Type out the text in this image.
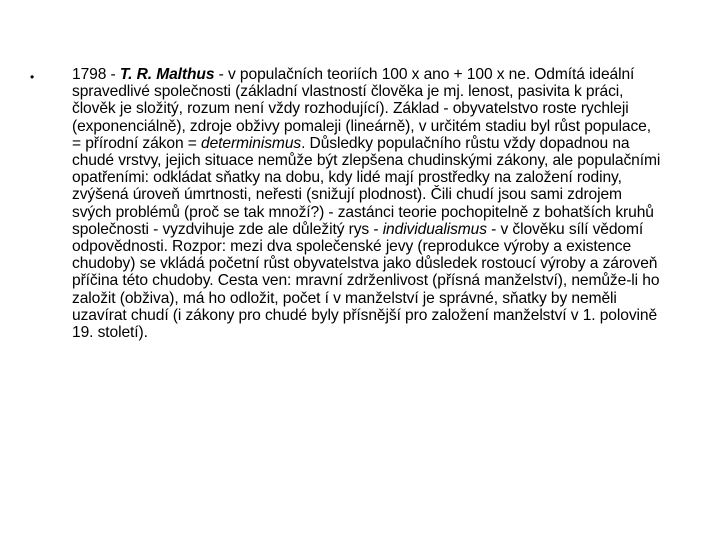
•	1798 - T. R. Malthus - v populačních teoriích 100 x ano + 100 x ne. Odmítá ideální spravedlivé společnosti (základní vlastností člověka je mj. lenost, pasivita k práci, člověk je složitý, rozum není vždy rozhodující). Základ - obyvatelstvo roste rychleji (exponenciálně), zdroje obživy pomaleji (lineárně), v určitém stadiu byl růst populace, = přírodní zákon = determinismus. Důsledky populačního růstu vždy dopadnou na chudé vrstvy, jejich situace nemůže být zlepšena chudinskými zákony, ale populačními opatřeními: odkládat sňatky na dobu, kdy lidé mají prostředky na založení rodiny, zvýšená úroveň úmrtnosti, neřesti (snižují plodnost). Čili chudí jsou sami zdrojem svých problémů (proč se tak množí?) - zastánci teorie pochopitelně z bohatších kruhů společnosti - vyzdvihuje zde ale důležitý rys - individualismus - v člověku sílí vědomí odpovědnosti. Rozpor: mezi dva společenské jevy (reprodukce výroby a existence chudoby) se vkládá početní růst obyvatelstva jako důsledek rostoucí výroby a zároveň příčina této chudoby. Cesta ven: mravní zdrženlivost (přísná manželství), nemůže-li ho založit (obživa), má ho odložit, počet í v manželství je správné, sňatky by neměli uzavírat chudí (i zákony pro chudé byly přísnější pro založení manželství v 1. polovině 19. století).
